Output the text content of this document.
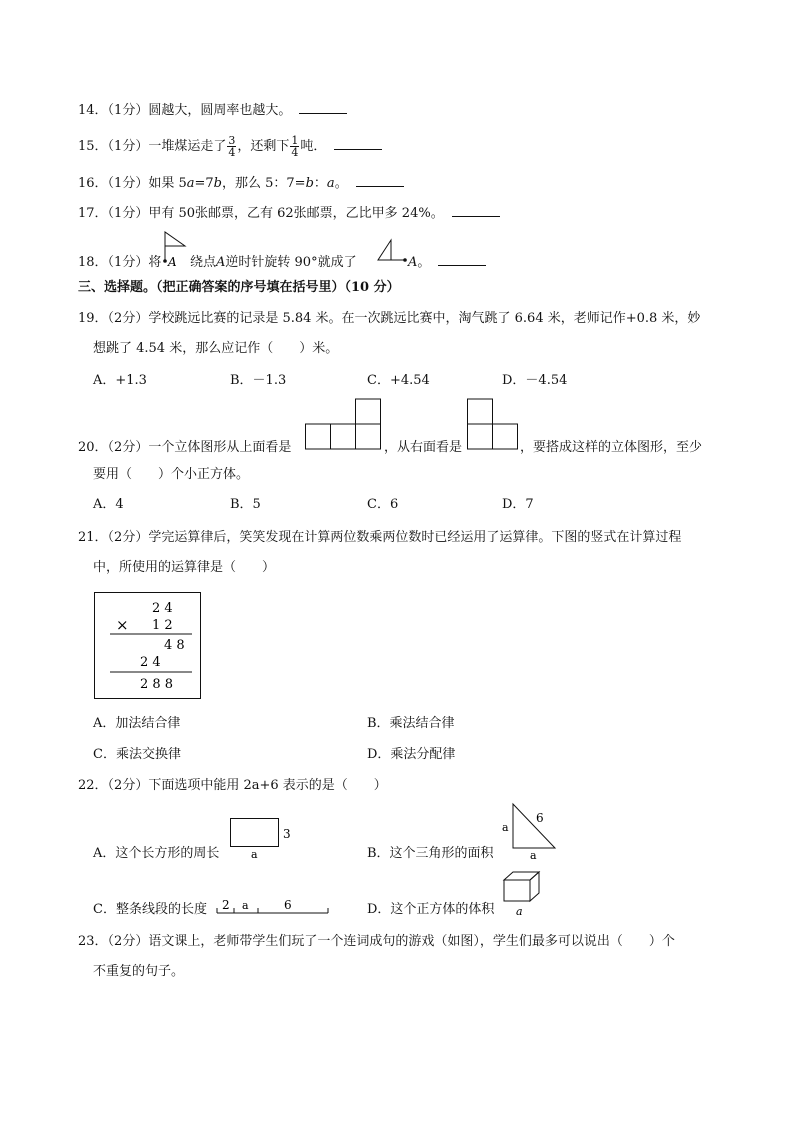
14．（1分）圆越大，圆周率也越大。
15．（1分）一堆煤运走了 $\frac{3}{4}$ ，还剩下 $\frac{1}{4}$ 吨．
16．（1分）如果 5a=7b，那么 5：7=b：a。
17．（1分）甲有 50张邮票，乙有 62张邮票，乙比甲多 24%。
18．（1分）将 A 绕点A逆时针旋转 90°就成了	A。
三、选择题。（把正确答案的序号填在括号里）（10 分）
19．（2分）学校跳远比赛的记录是 5.84 米。在一次跳远比赛中，淘气跳了 6.64 米，老师记作+0.8 米，妙
想跳了 4.54 米，那么应记作（　　）米。
A．+1.3	B．－1.3	C．+4.54	D．－4.54
20．（2分）一个立体图形从上面看是	，从右面看是	，要搭成这样的立体图形，至少
要用（　　）个小正方体。
A．4	B．5	C．6	D．7
21．（2分）学完运算律后，笑笑发现在计算两位数乘两位数时已经运用了运算律。下图的竖式在计算过程
中，所使用的运算律是（　　）
2 4
× 1 2
4 8
2 4
2 8 8
A．加法结合律	B．乘法结合律
C．乘法交换律	D．乘法分配律
22．（2分）下面选项中能用 2a+6 表示的是（　　）
A．这个长方形的周长
3
a	B．这个三角形的面积
a
6
a
C．整条线段的长度 2 a	6	D．这个正方体的体积 a
23．（2分）语文课上，老师带学生们玩了一个连词成句的游戏（如图），学生们最多可以说出（　　）个
不重复的句子。
